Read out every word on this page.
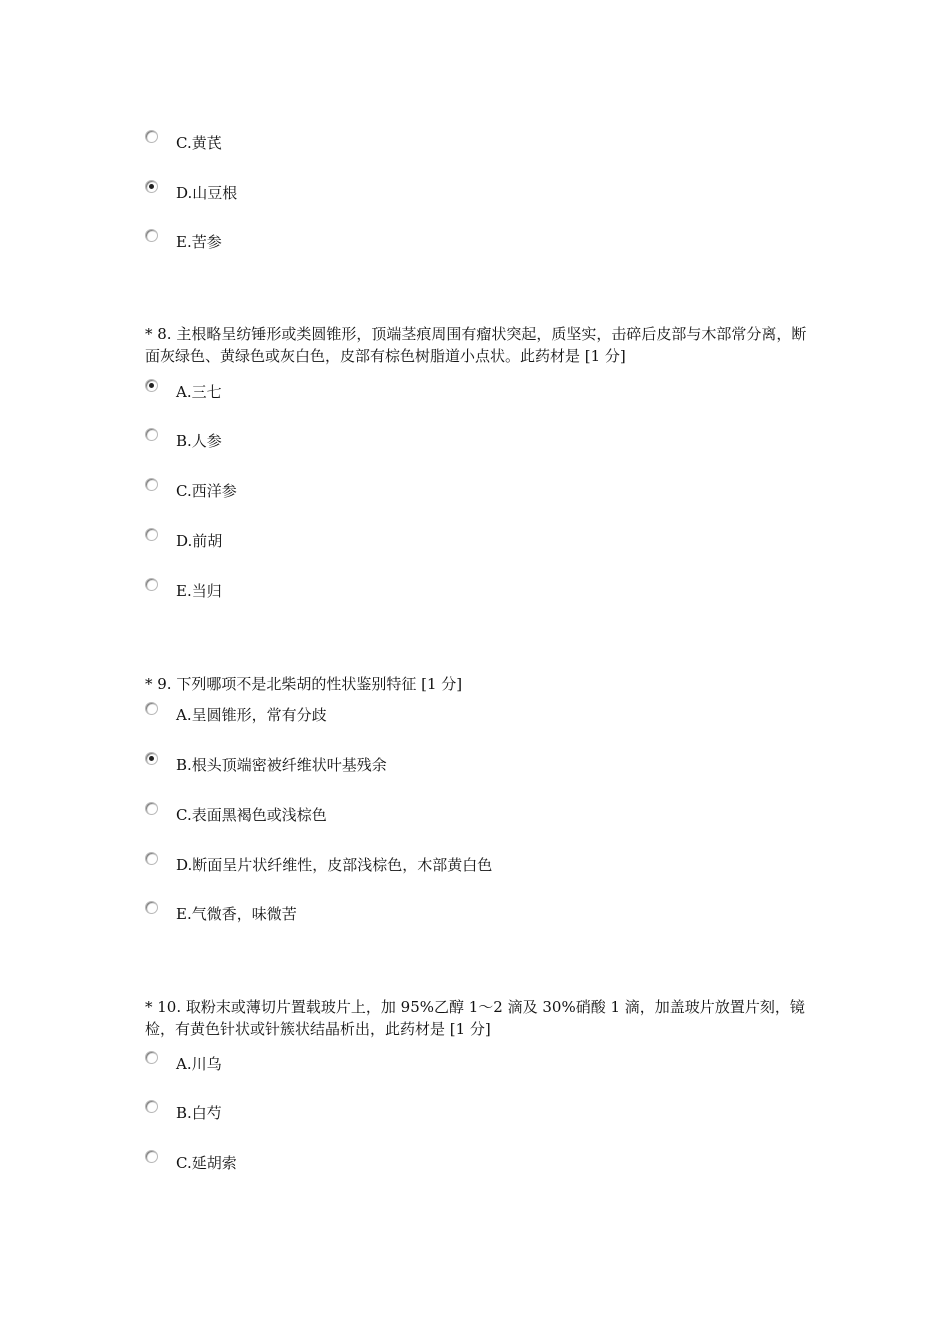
C.黄芪
D.山豆根
E.苦参
* 8. 主根略呈纺锤形或类圆锥形，顶端茎痕周围有瘤状突起，质坚实，击碎后皮部与木部常分离，断面灰绿色、黄绿色或灰白色，皮部有棕色树脂道小点状。此药材是 [1 分]
A.三七
B.人参
C.西洋参
D.前胡
E.当归
* 9. 下列哪项不是北柴胡的性状鉴别特征 [1 分]
A.呈圆锥形，常有分歧
B.根头顶端密被纤维状叶基残余
C.表面黑褐色或浅棕色
D.断面呈片状纤维性，皮部浅棕色，木部黄白色
E.气微香，味微苦
* 10. 取粉末或薄切片置载玻片上，加 95%乙醇 1～2 滴及 30%硝酸 1 滴，加盖玻片放置片刻，镜检，有黄色针状或针簇状结晶析出，此药材是 [1 分]
A.川乌
B.白芍
C.延胡索
